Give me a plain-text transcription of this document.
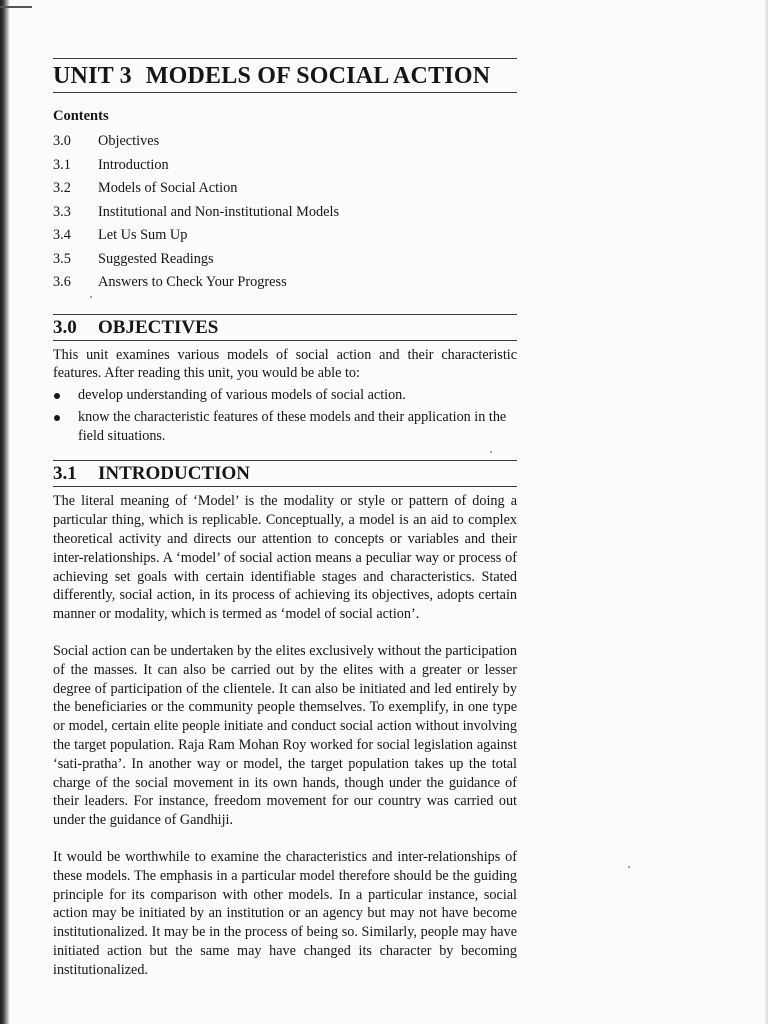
UNIT 3 MODELS OF SOCIAL ACTION
Contents
3.0	Objectives
3.1	Introduction
3.2	Models of Social Action
3.3	Institutional and Non-institutional Models
3.4	Let Us Sum Up
3.5	Suggested Readings
3.6	Answers to Check Your Progress
3.0 OBJECTIVES

This unit examines various models of social action and their characteristic features. After reading this unit, you would be able to:

develop understanding of various models of social action.
know the characteristic features of these models and their application in the field situations.
3.1 INTRODUCTION

The literal meaning of ‘Model’ is the modality or style or pattern of doing a particular thing, which is replicable. Conceptually, a model is an aid to complex theoretical activity and directs our attention to concepts or variables and their inter-relationships. A ‘model’ of social action means a peculiar way or process of achieving set goals with certain identifiable stages and characteristics. Stated differently, social action, in its process of achieving its objectives, adopts certain manner or modality, which is termed as ‘model of social action’.

Social action can be undertaken by the elites exclusively without the participation of the masses. It can also be carried out by the elites with a greater or lesser degree of participation of the clientele. It can also be initiated and led entirely by the beneficiaries or the community people themselves. To exemplify, in one type or model, certain elite people initiate and conduct social action without involving the target population. Raja Ram Mohan Roy worked for social legislation against ‘sati-pratha’. In another way or model, the target population takes up the total charge of the social movement in its own hands, though under the guidance of their leaders. For instance, freedom movement for our country was carried out under the guidance of Gandhiji.

It would be worthwhile to examine the characteristics and inter-relationships of these models. The emphasis in a particular model therefore should be the guiding principle for its comparison with other models. In a particular instance, social action may be initiated by an institution or an agency but may not have become institutionalized. It may be in the process of being so. Similarly, people may have initiated action but the same may have changed its character by becoming institutionalized.
